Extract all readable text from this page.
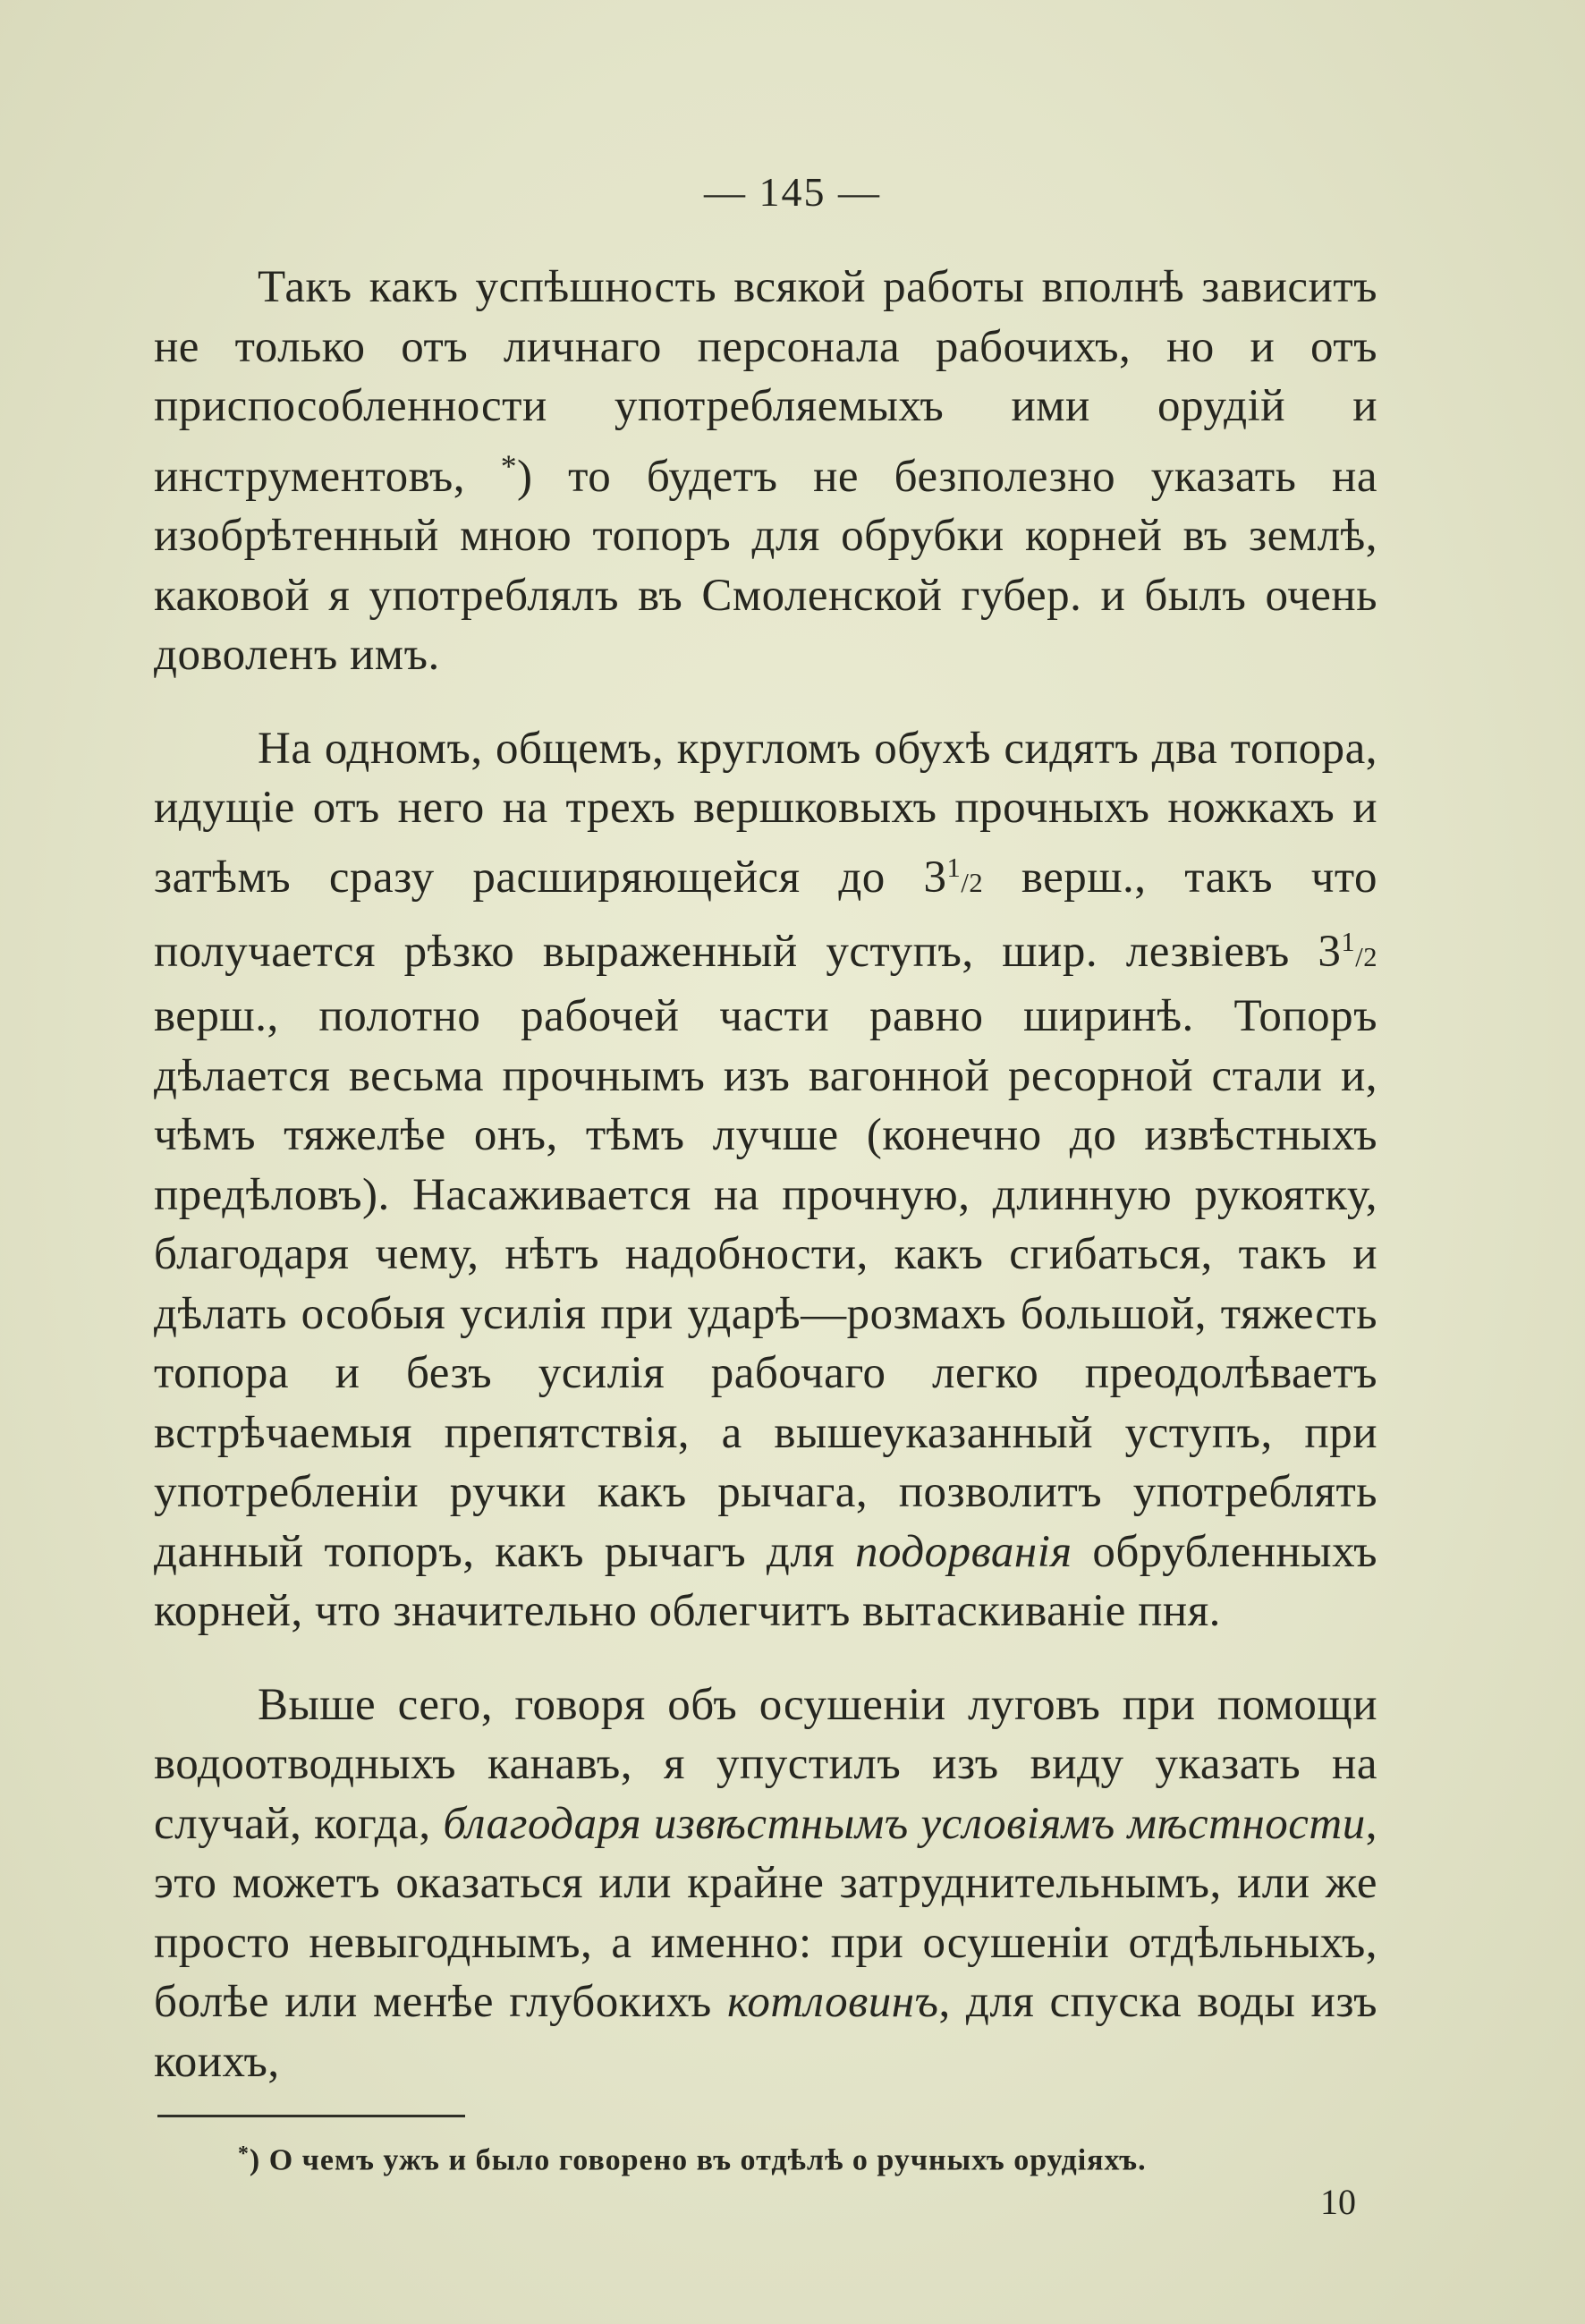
— 145 —

Такъ какъ успѣшность всякой работы вполнѣ зависитъ не только отъ личнаго персонала рабочихъ, но и отъ приспособленности употребляемыхъ ими орудій и инструментовъ, *) то будетъ не безполезно указать на изобрѣтенный мною топоръ для обрубки корней въ землѣ, каковой я употреблялъ въ Смоленской губер. и былъ очень доволенъ имъ.

На одномъ, общемъ, кругломъ обухѣ сидятъ два топора, идущіе отъ него на трехъ вершковыхъ прочныхъ ножкахъ и затѣмъ сразу расширяющейся до $3^1/2$ верш., такъ что получается рѣзко выраженный уступъ, шир. лезвіевъ $3^1/2$ верш., полотно рабочей части равно ширинѣ. Топоръ дѣлается весьма прочнымъ изъ вагонной ресорной стали и, чѣмъ тяжелѣе онъ, тѣмъ лучше (конечно до извѣстныхъ предѣловъ). Насаживается на прочную, длинную рукоятку, благодаря чему, нѣтъ надобности, какъ сгибаться, такъ и дѣлать особыя усилія при ударѣ—розмахъ большой, тяжесть топора и безъ усилія рабочаго легко преодолѣваетъ встрѣчаемыя препятствія, а вышеуказанный уступъ, при употребленіи ручки какъ рычага, позволитъ употреблять данный топоръ, какъ рычагъ для подорванія обрубленныхъ корней, что значительно облегчитъ вытаскиваніе пня.

Выше сего, говоря объ осушеніи луговъ при помощи водоотводныхъ канавъ, я упустилъ изъ виду указать на случай, когда, благодаря извѣстнымъ условіямъ мѣстности, это можетъ оказаться или крайне затруднительнымъ, или же просто невыгоднымъ, а именно: при осушеніи отдѣльныхъ, болѣе или менѣе глубокихъ котловинъ, для спуска воды изъ коихъ,

*) О чемъ ужъ и было говорено въ отдѣлѣ о ручныхъ орудіяхъ.
10
